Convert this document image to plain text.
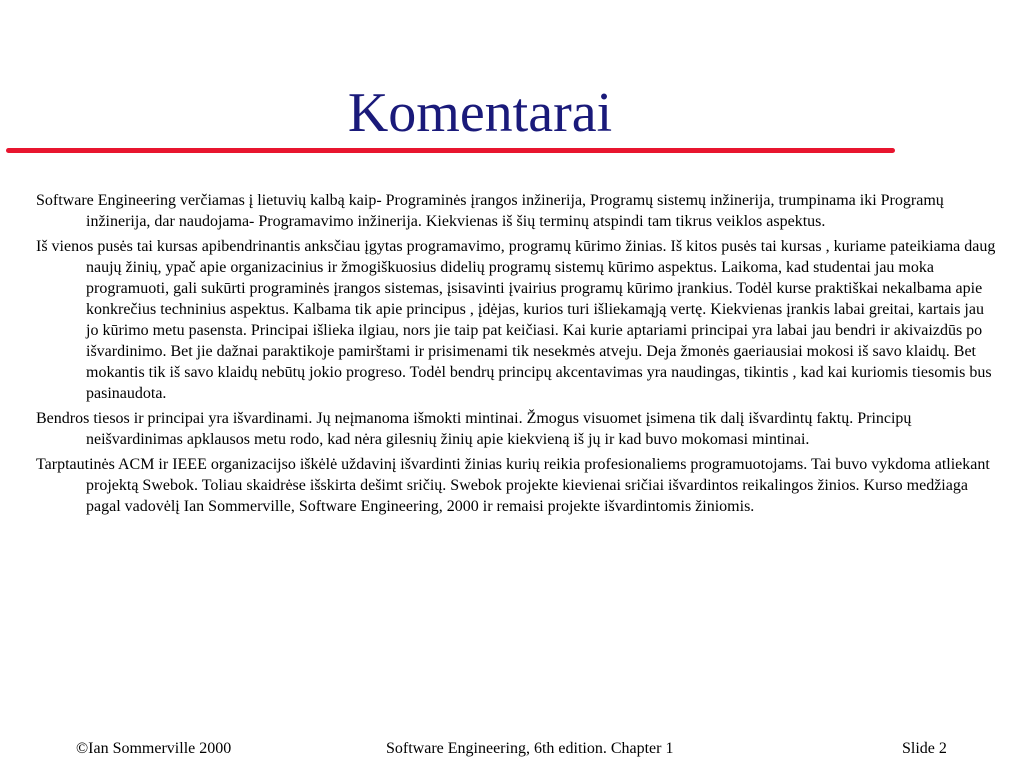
Komentarai

Software Engineering verčiamas į lietuvių kalbą kaip- Programinės įrangos inžinerija, Programų sistemų inžinerija, trumpinama iki Programų inžinerija, dar naudojama- Programavimo inžinerija. Kiekvienas iš šių terminų atspindi tam tikrus veiklos aspektus.

Iš vienos pusės tai kursas apibendrinantis anksčiau įgytas programavimo, programų kūrimo žinias. Iš kitos pusės tai kursas , kuriame pateikiama daug naujų žinių, ypač apie organizacinius ir žmogiškuosius didelių programų sistemų kūrimo aspektus. Laikoma, kad studentai jau moka programuoti, gali sukūrti programinės įrangos sistemas, įsisavinti įvairius programų kūrimo įrankius. Todėl kurse praktiškai nekalbama apie konkrečius techninius aspektus. Kalbama tik apie principus , įdėjas, kurios turi išliekamąją vertę. Kiekvienas įrankis labai greitai, kartais jau jo kūrimo metu pasensta. Principai išlieka ilgiau, nors jie taip pat keičiasi. Kai kurie aptariami principai yra labai jau bendri ir akivaizdūs po išvardinimo. Bet jie dažnai paraktikoje pamirštami ir prisimenami tik nesekmės atveju. Deja žmonės gaeriausiai mokosi iš savo klaidų. Bet mokantis tik iš savo klaidų nebūtų jokio progreso. Todėl bendrų principų akcentavimas yra naudingas, tikintis , kad kai kuriomis tiesomis bus pasinaudota.

Bendros tiesos ir principai yra išvardinami. Jų neįmanoma išmokti mintinai. Žmogus visuomet įsimena tik dalį išvardintų faktų. Principų neišvardinimas apklausos metu rodo, kad nėra gilesnių žinių apie kiekvieną iš jų ir kad buvo mokomasi mintinai.

Tarptautinės ACM ir IEEE organizacijso iškėlė uždavinį išvardinti žinias kurių reikia profesionaliems programuotojams. Tai buvo vykdoma atliekant projektą Swebok. Toliau skaidrėse išskirta dešimt sričių. Swebok projekte kievienai sričiai išvardintos reikalingos žinios. Kurso medžiaga pagal vadovėlį Ian Sommerville, Software Engineering, 2000 ir remaisi projekte išvardintomis žiniomis.

©Ian Sommerville 2000	Software Engineering, 6th edition. Chapter 1	Slide 2
